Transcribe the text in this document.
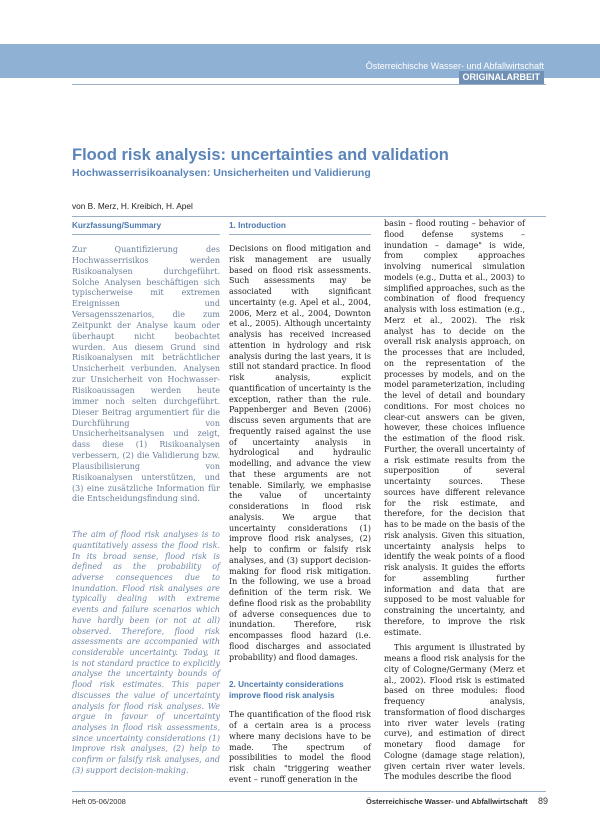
Österreichische Wasser- und Abfallwirtschaft
ORIGINALARBEIT
Flood risk analysis: uncertainties and validation
Hochwasserrisikoanalysen: Unsicherheiten und Validierung
von B. Merz, H. Kreibich, H. Apel
Kurzfassung/Summary

Zur Quantifizierung des Hochwasserrisikos werden Risikoanalysen durchgeführt. Solche Analysen beschäftigen sich typischerweise mit extremen Ereignissen und Versagensszenarios, die zum Zeitpunkt der Analyse kaum oder überhaupt nicht beobachtet wurden. Aus diesem Grund sind Risikoanalysen mit beträchtlicher Unsicherheit verbunden. Analysen zur Unsicherheit von Hochwasser-Risikoaussagen werden heute immer noch selten durchgeführt. Dieser Beitrag argumentiert für die Durchführung von Unsicherheitsanalysen und zeigt, dass diese (1) Risikoanalysen verbessern, (2) die Validierung bzw. Plausibilisierung von Risikoanalysen unterstützen, und (3) eine zusätzliche Information für die Entscheidungsfindung sind.

The aim of flood risk analyses is to quantitatively assess the flood risk. In its broad sense, flood risk is defined as the probability of adverse consequences due to inundation. Flood risk analyses are typically dealing with extreme events and failure scenarios which have hardly been (or not at all) observed. Therefore, flood risk assessments are accompanied with considerable uncertainty. Today, it is not standard practice to explicitly analyse the uncertainty bounds of flood risk estimates. This paper discusses the value of uncertainty analysis for flood risk analyses. We argue in favour of uncertainty analyses in flood risk assessments, since uncertainty considerations (1) improve risk analyses, (2) help to confirm or falsify risk analyses, and (3) support decision-making.

1. Introduction

Decisions on flood mitigation and risk management are usually based on flood risk assessments. Such assessments may be associated with significant uncertainty (e.g. Apel et al., 2004, 2006, Merz et al., 2004, Downton et al., 2005). Although uncertainty analysis has received increased attention in hydrology and risk analysis during the last years, it is still not standard practice. In flood risk analysis, explicit quantification of uncertainty is the exception, rather than the rule. Pappenberger and Beven (2006) discuss seven arguments that are frequently raised against the use of uncertainty analysis in hydrological and hydraulic modelling, and advance the view that these arguments are not tenable. Similarly, we emphasise the value of uncertainty considerations in flood risk analysis. We argue that uncertainty considerations (1) improve flood risk analyses, (2) help to confirm or falsify risk analyses, and (3) support decision-making for flood risk mitigation. In the following, we use a broad definition of the term risk. We define flood risk as the probability of adverse consequences due to inundation. Therefore, risk encompasses flood hazard (i.e. flood discharges and associated probability) and flood damages.

2. Uncertainty considerations improve flood risk analysis

The quantification of the flood risk of a certain area is a process where many decisions have to be made. The spectrum of possibilities to model the flood risk chain "triggering weather event – runoff generation in the

Heft 05-06/2008	Österreichische Wasser- und Abfallwirtschaft 89

basin – flood routing – behavior of flood defense systems – inundation – damage" is wide, from complex approaches involving numerical simulation models (e.g., Dutta et al., 2003) to simplified approaches, such as the combination of flood frequency analysis with loss estimation (e.g., Merz et al., 2002). The risk analyst has to decide on the overall risk analysis approach, on the processes that are included, on the representation of the processes by models, and on the model parameterization, including the level of detail and boundary conditions. For most choices no clear-cut answers can be given, however, these choices influence the estimation of the flood risk. Further, the overall uncertainty of a risk estimate results from the superposition of several uncertainty sources. These sources have different relevance for the risk estimate, and therefore, for the decision that has to be made on the basis of the risk analysis. Given this situation, uncertainty analysis helps to identify the weak points of a flood risk analysis. It guides the efforts for assembling further information and data that are supposed to be most valuable for constraining the uncertainty, and therefore, to improve the risk estimate.

This argument is illustrated by means a flood risk analysis for the city of Cologne/Germany (Merz et al., 2002). Flood risk is estimated based on three modules: flood frequency analysis, transformation of flood discharges into river water levels (rating curve), and estimation of direct monetary flood damage for Cologne (damage stage relation), given certain river water levels. The modules describe the flood
